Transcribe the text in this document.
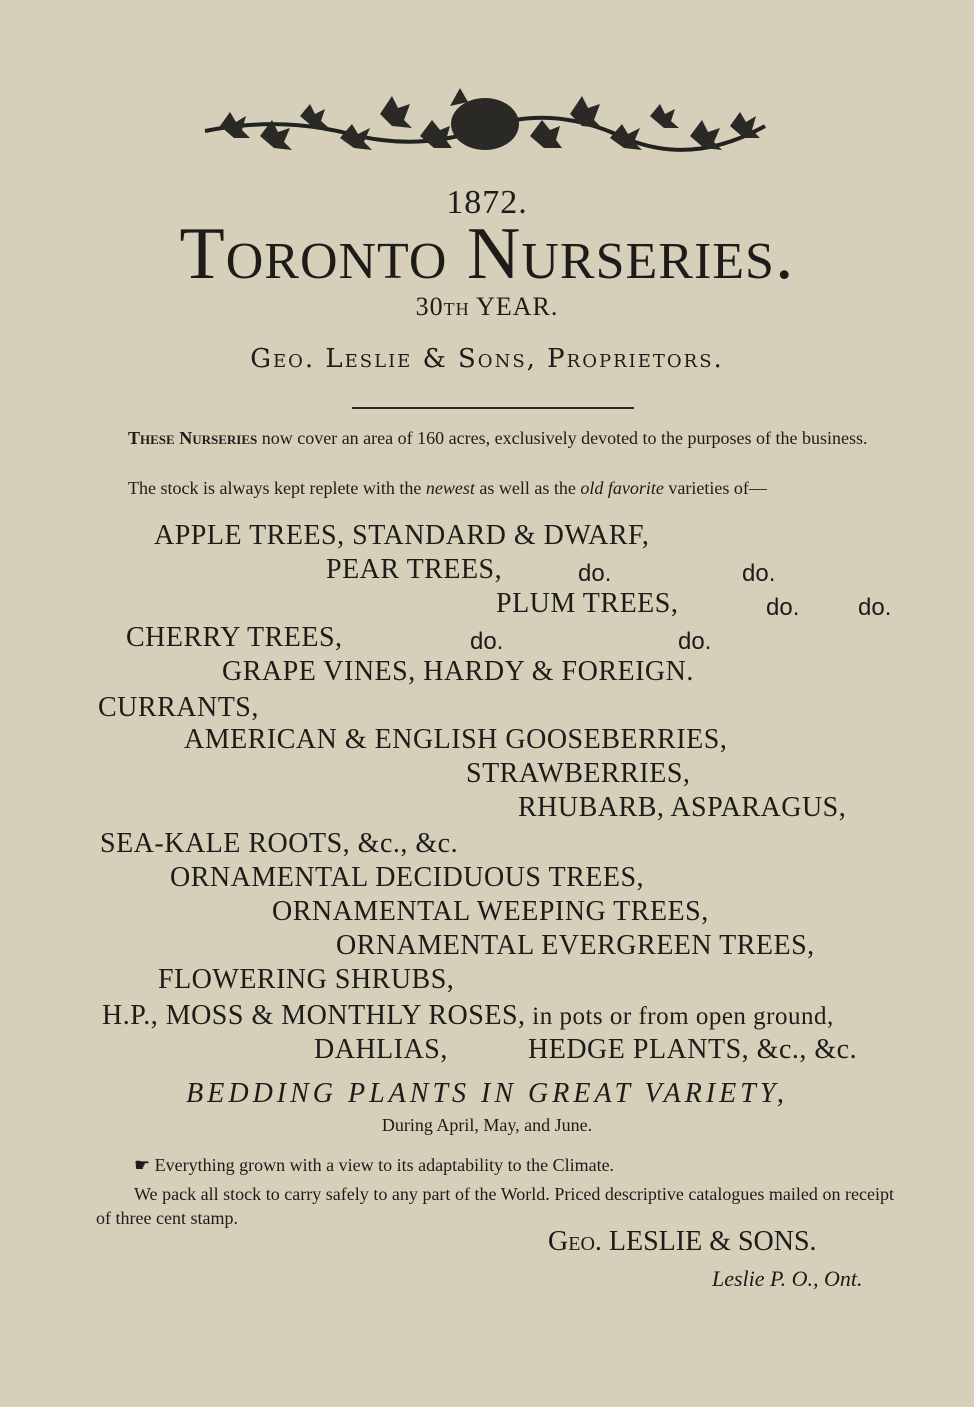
1872.
Toronto Nurseries.
30th YEAR.
Geo. Leslie & Sons, Proprietors.
These Nurseries now cover an area of 160 acres, exclusively devoted to the purposes of the business.
The stock is always kept replete with the newest as well as the old favorite varieties of—
APPLE TREES, STANDARD & DWARF,
PEAR TREES,	do.	do.
PLUM TREES,	do. do.
CHERRY TREES,	do.	do.
GRAPE VINES, HARDY & FOREIGN.
CURRANTS,
AMERICAN & ENGLISH GOOSEBERRIES,
STRAWBERRIES,
RHUBARB, ASPARAGUS,
SEA-KALE ROOTS, &c., &c.
ORNAMENTAL DECIDUOUS TREES,
ORNAMENTAL WEEPING TREES,
ORNAMENTAL EVERGREEN TREES,
FLOWERING SHRUBS,
H.P., MOSS & MONTHLY ROSES, in pots or from open ground,
DAHLIAS,	HEDGE PLANTS, &c., &c.
BEDDING PLANTS IN GREAT VARIETY,
During April, May, and June.
☛ Everything grown with a view to its adaptability to the Climate.
We pack all stock to carry safely to any part of the World. Priced descriptive catalogues mailed on receipt of three cent stamp.
Geo. LESLIE & SONS.
Leslie P. O., Ont.
